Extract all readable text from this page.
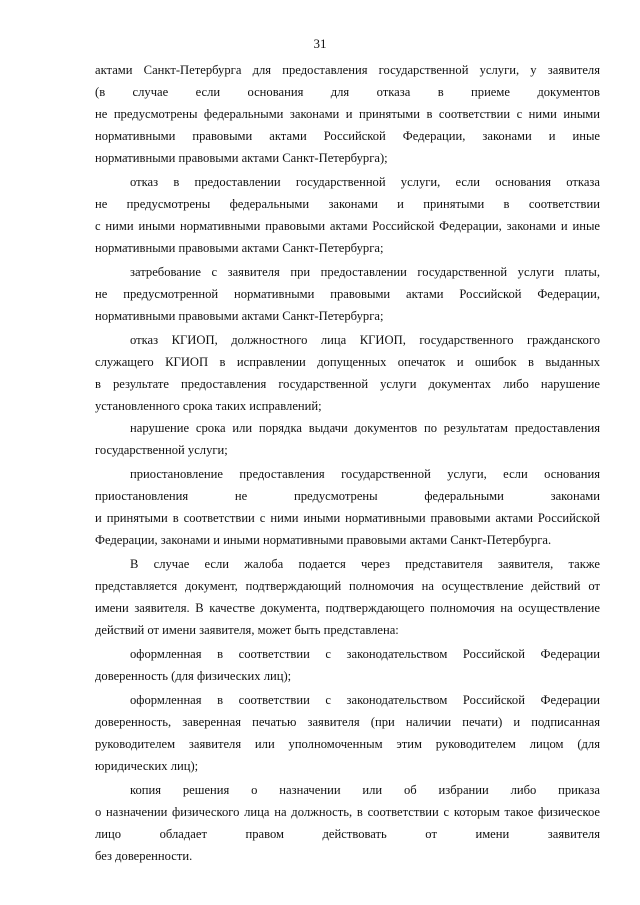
31
актами Санкт-Петербурга для предоставления государственной услуги, у заявителя
(в случае если основания для отказа в приеме документов
не предусмотрены федеральными законами и принятыми в соответствии с ними иными
нормативными правовыми актами Российской Федерации, законами и иные
нормативными правовыми актами Санкт-Петербурга);
отказ в предоставлении государственной услуги, если основания отказа
не предусмотрены федеральными законами и принятыми в соответствии
с ними иными нормативными правовыми актами Российской Федерации, законами и иные
нормативными правовыми актами Санкт-Петербурга;
затребование с заявителя при предоставлении государственной услуги платы,
не предусмотренной нормативными правовыми актами Российской Федерации,
нормативными правовыми актами Санкт-Петербурга;
отказ КГИОП, должностного лица КГИОП, государственного гражданского
служащего КГИОП в исправлении допущенных опечаток и ошибок в выданных
в результате предоставления государственной услуги документах либо нарушение
установленного срока таких исправлений;
нарушение срока или порядка выдачи документов по результатам предоставления
государственной услуги;
приостановление предоставления государственной услуги, если основания
приостановления не предусмотрены федеральными законами
и принятыми в соответствии с ними иными нормативными правовыми актами Российской
Федерации, законами и иными нормативными правовыми актами Санкт-Петербурга.
В случае если жалоба подается через представителя заявителя, также
представляется документ, подтверждающий полномочия на осуществление действий от
имени заявителя. В качестве документа, подтверждающего полномочия на осуществление
действий от имени заявителя, может быть представлена:
оформленная в соответствии с законодательством Российской Федерации
доверенность (для физических лиц);
оформленная в соответствии с законодательством Российской Федерации
доверенность, заверенная печатью заявителя (при наличии печати) и подписанная
руководителем заявителя или уполномоченным этим руководителем лицом (для
юридических лиц);
копия решения о назначении или об избрании либо приказа
о назначении физического лица на должность, в соответствии с которым такое физическое
лицо обладает правом действовать от имени заявителя
без доверенности.
